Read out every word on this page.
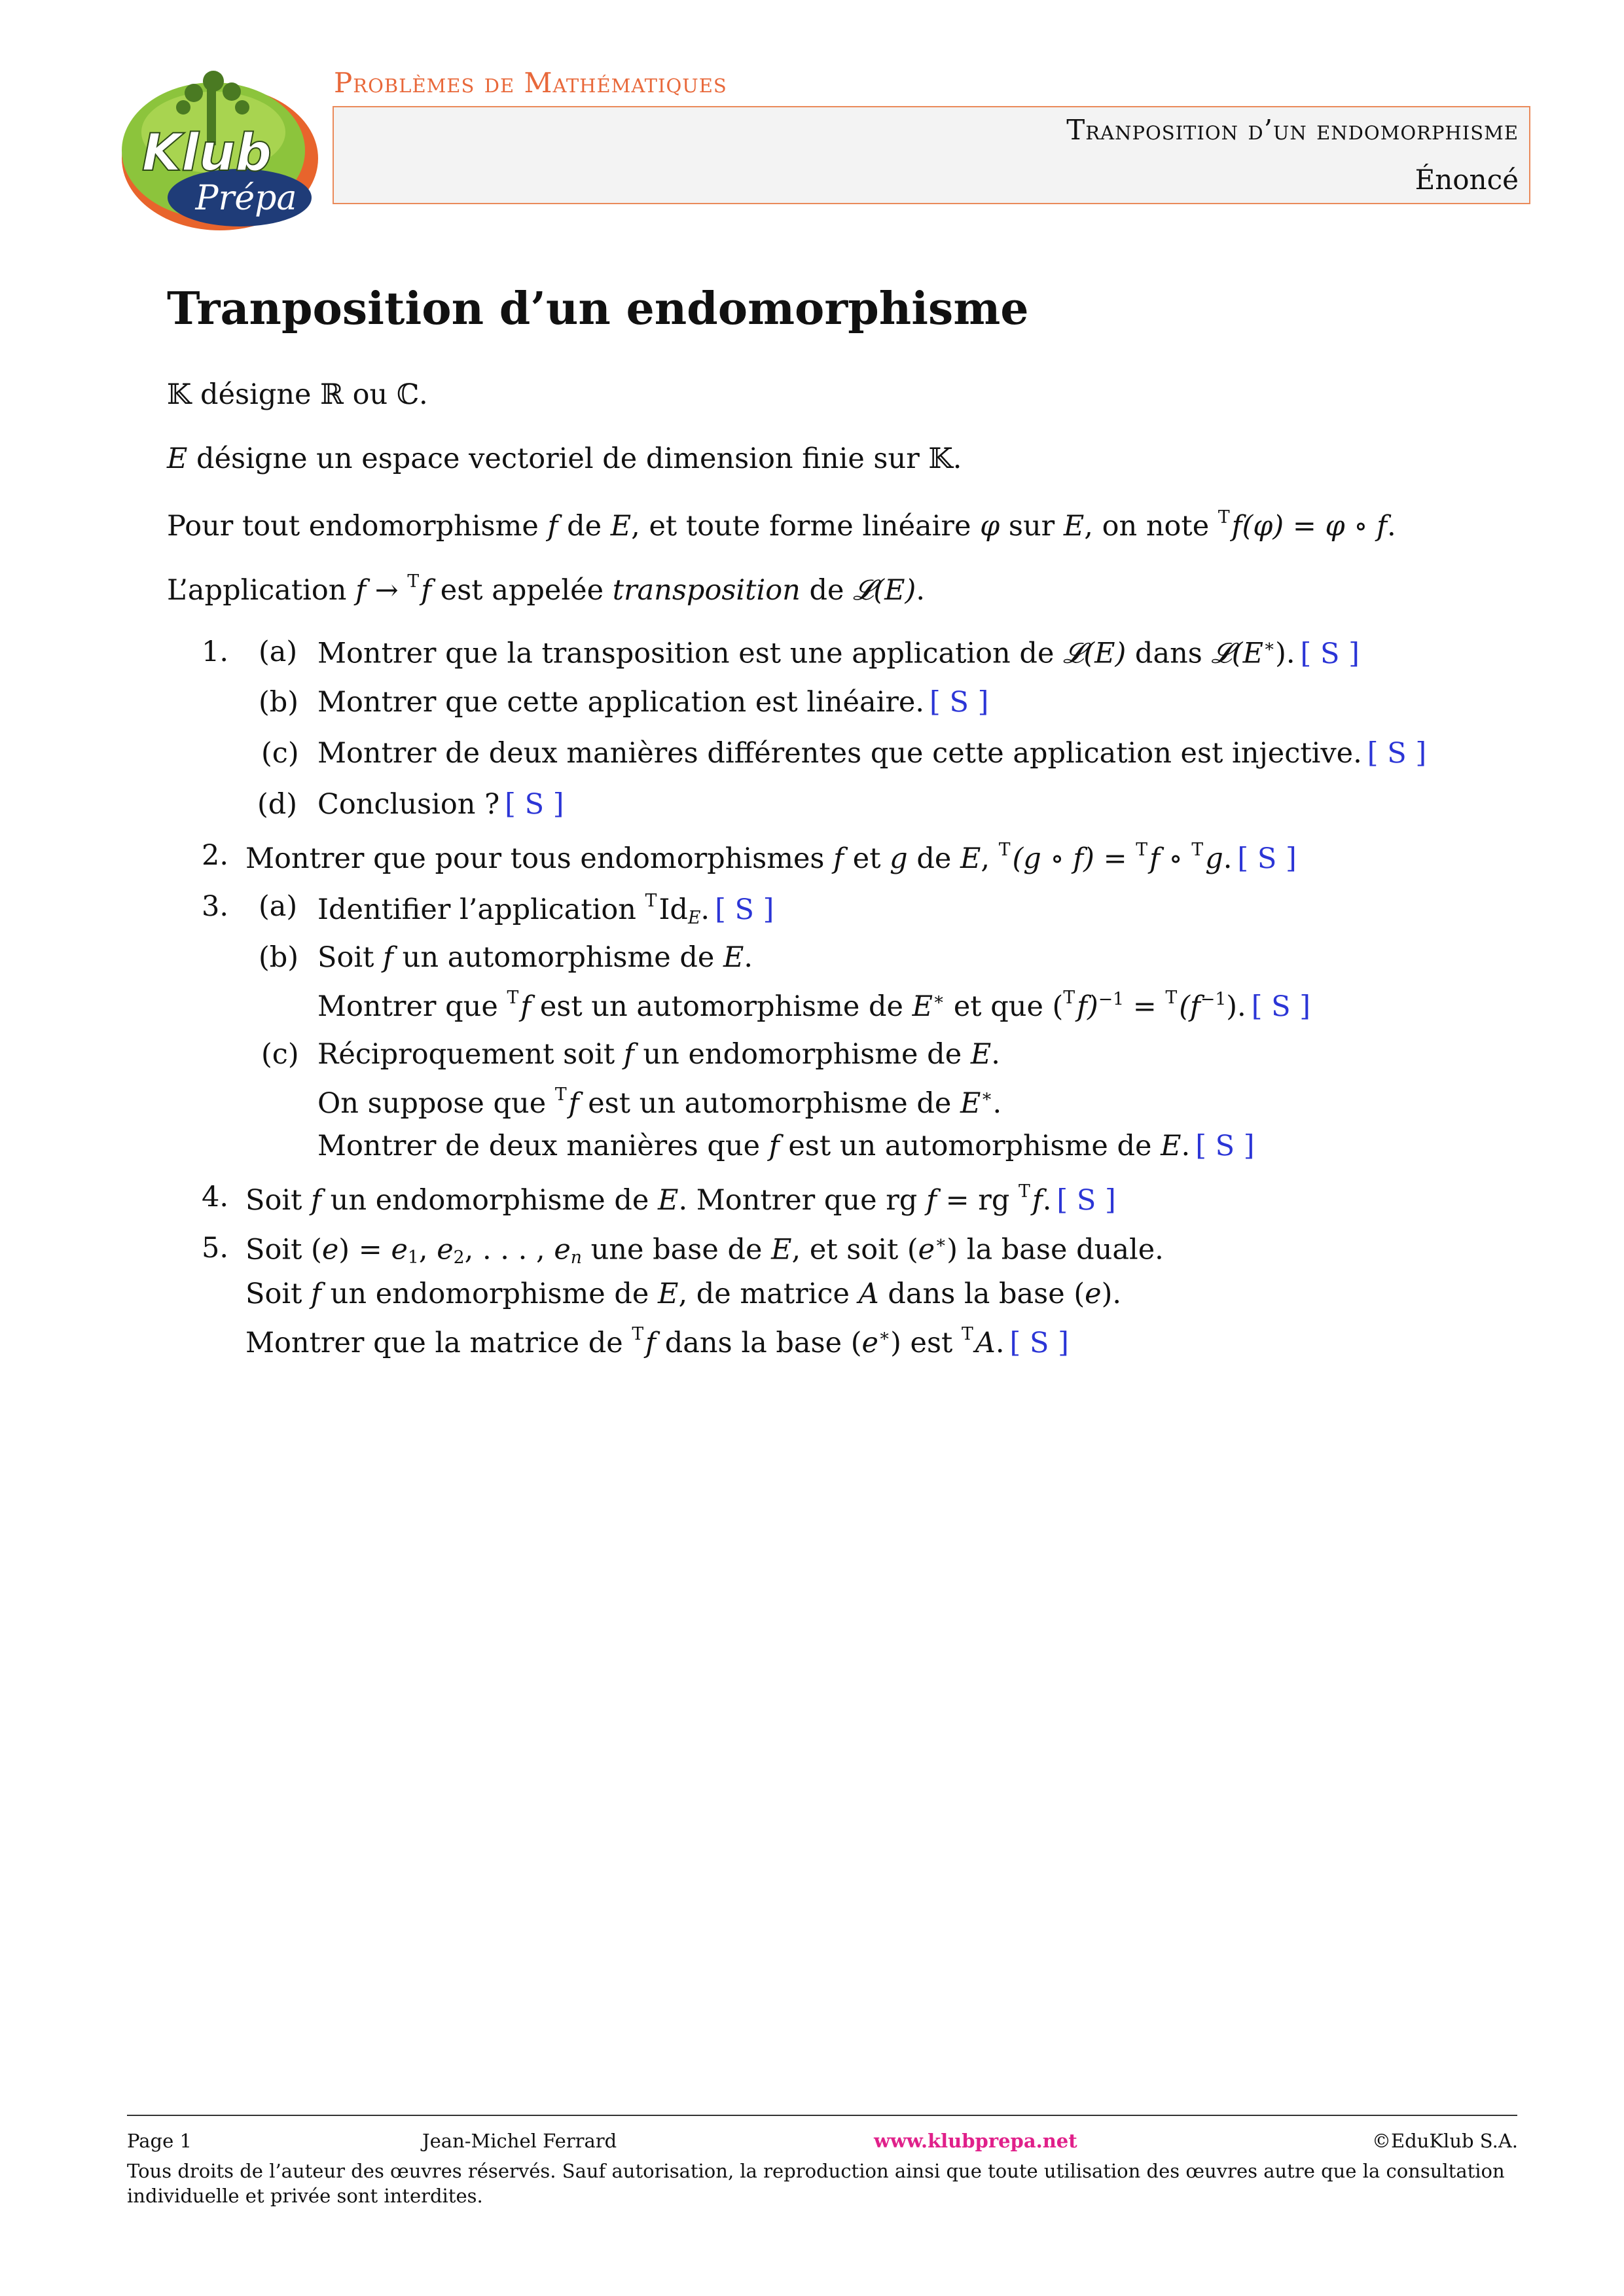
Klub
Prépa
Problèmes de Mathématiques
Tranposition d’un endomorphisme
Énoncé
Tranposition d’un endomorphisme
𝕂 désigne ℝ ou ℂ.
E désigne un espace vectoriel de dimension finie sur 𝕂.
Pour tout endomorphisme f de E, et toute forme linéaire φ sur E, on note $^T$f(φ) = φ ∘ f.
L’application f → $^T$f est appelée transposition de 𝓛(E).
1. (a) Montrer que la transposition est une application de 𝓛(E) dans 𝓛(E∗). [ S ]
(b) Montrer que cette application est linéaire. [ S ]
(c) Montrer de deux manières différentes que cette application est injective. [ S ]
(d) Conclusion ? [ S ]
2. Montrer que pour tous endomorphismes f et g de E, $^T$(g ∘ f) = $^T$f ∘ $^T$g. [ S ]
3. (a) Identifier l’application $^TId_E$. [ S ]
(b) Soit f un automorphisme de E.
Montrer que $^T$f est un automorphisme de E∗ et que $(^Tf)^{-1} = ^T(f^{-1})$. [ S ]
(c) Réciproquement soit f un endomorphisme de E.
On suppose que $^T$f est un automorphisme de E∗.
Montrer de deux manières que f est un automorphisme de E. [ S ]
4. Soit f un endomorphisme de E. Montrer que rg f = rg $^T$f. [ S ]
5. Soit $(e) = e_1$, $e_2$, . . . , $e_n$ une base de E, et soit (e∗) la base duale.
Soit f un endomorphisme de E, de matrice A dans la base (e).
Montrer que la matrice de $^T$f dans la base (e∗) est $^T$A. [ S ]
Page 1	Jean-Michel Ferrard	www.klubprepa.net	©EduKlub S.A.
Tous droits de l’auteur des œuvres réservés. Sauf autorisation, la reproduction ainsi que toute utilisation des œuvres autre que la consultation individuelle et privée sont interdites.
